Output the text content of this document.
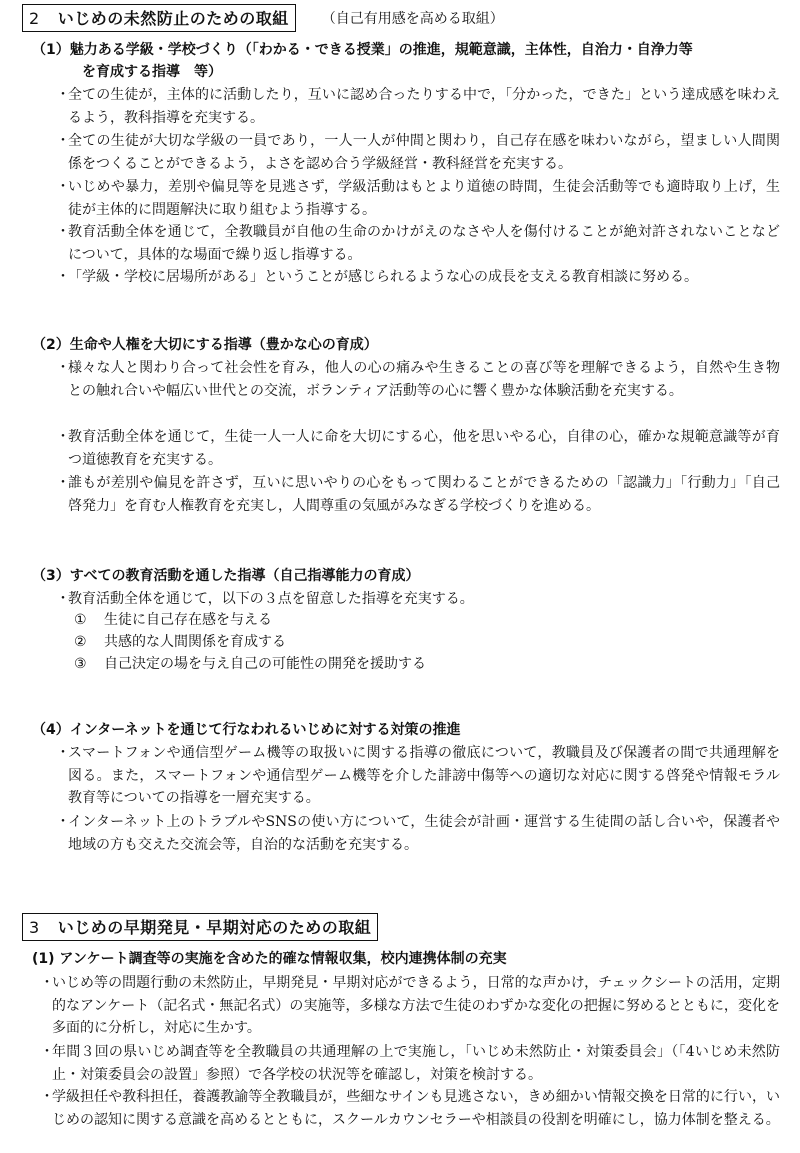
2 いじめの未然防止のための取組	（自己有用感を高める取組）
（1）魅力ある学級・学校づくり（「わかる・できる授業」の推進，規範意識，主体性，自治力・自浄力等
を育成する指導　等）
・
全ての生徒が，主体的に活動したり，互いに認め合ったりする中で，「分かった，できた」という達成感を味わえるよう，教科指導を充実する。
・
全ての生徒が大切な学級の一員であり，一人一人が仲間と関わり，自己存在感を味わいながら，望ましい人間関係をつくることができるよう，よさを認め合う学級経営・教科経営を充実する。
・
いじめや暴力，差別や偏見等を見逃さず，学級活動はもとより道徳の時間，生徒会活動等でも適時取り上げ，生徒が主体的に問題解決に取り組むよう指導する。
・
教育活動全体を通じて，全教職員が自他の生命のかけがえのなさや人を傷付けることが絶対許されないことなどについて，具体的な場面で繰り返し指導する。
・
「学級・学校に居場所がある」ということが感じられるような心の成長を支える教育相談に努める。
（2）生命や人権を大切にする指導（豊かな心の育成）
・
様々な人と関わり合って社会性を育み，他人の心の痛みや生きることの喜び等を理解できるよう，自然や生き物との触れ合いや幅広い世代との交流，ボランティア活動等の心に響く豊かな体験活動を充実する。
・
教育活動全体を通じて，生徒一人一人に命を大切にする心，他を思いやる心，自律の心，確かな規範意識等が育つ道徳教育を充実する。
・
誰もが差別や偏見を許さず，互いに思いやりの心をもって関わることができるための「認識力」「行動力」「自己啓発力」を育む人権教育を充実し，人間尊重の気風がみなぎる学校づくりを進める。
（3）すべての教育活動を通した指導（自己指導能力の育成）
・
教育活動全体を通じて，以下の３点を留意した指導を充実する。
① 生徒に自己存在感を与える
② 共感的な人間関係を育成する
③ 自己決定の場を与え自己の可能性の開発を援助する
（4）インターネットを通じて行なわれるいじめに対する対策の推進
・
スマートフォンや通信型ゲーム機等の取扱いに関する指導の徹底について，教職員及び保護者の間で共通理解を図る。また，スマートフォンや通信型ゲーム機等を介した誹謗中傷等への適切な対応に関する啓発や情報モラル教育等についての指導を一層充実する。
・
インターネット上のトラブルやSNSの使い方について，生徒会が計画・運営する生徒間の話し合いや，保護者や地域の方も交えた交流会等，自治的な活動を充実する。
3 いじめの早期発見・早期対応のための取組
(1) アンケート調査等の実施を含めた的確な情報収集，校内連携体制の充実
・
いじめ等の問題行動の未然防止，早期発見・早期対応ができるよう，日常的な声かけ，チェックシートの活用，定期的なアンケート（記名式・無記名式）の実施等，多様な方法で生徒のわずかな変化の把握に努めるとともに，変化を多面的に分析し，対応に生かす。
・
年間３回の県いじめ調査等を全教職員の共通理解の上で実施し，「いじめ未然防止・対策委員会」（「4いじめ未然防止・対策委員会の設置」参照）で各学校の状況等を確認し，対策を検討する。
・
学級担任や教科担任，養護教諭等全教職員が，些細なサインも見逃さない，きめ細かい情報交換を日常的に行い，いじめの認知に関する意識を高めるとともに，スクールカウンセラーや相談員の役割を明確にし，協力体制を整える。
